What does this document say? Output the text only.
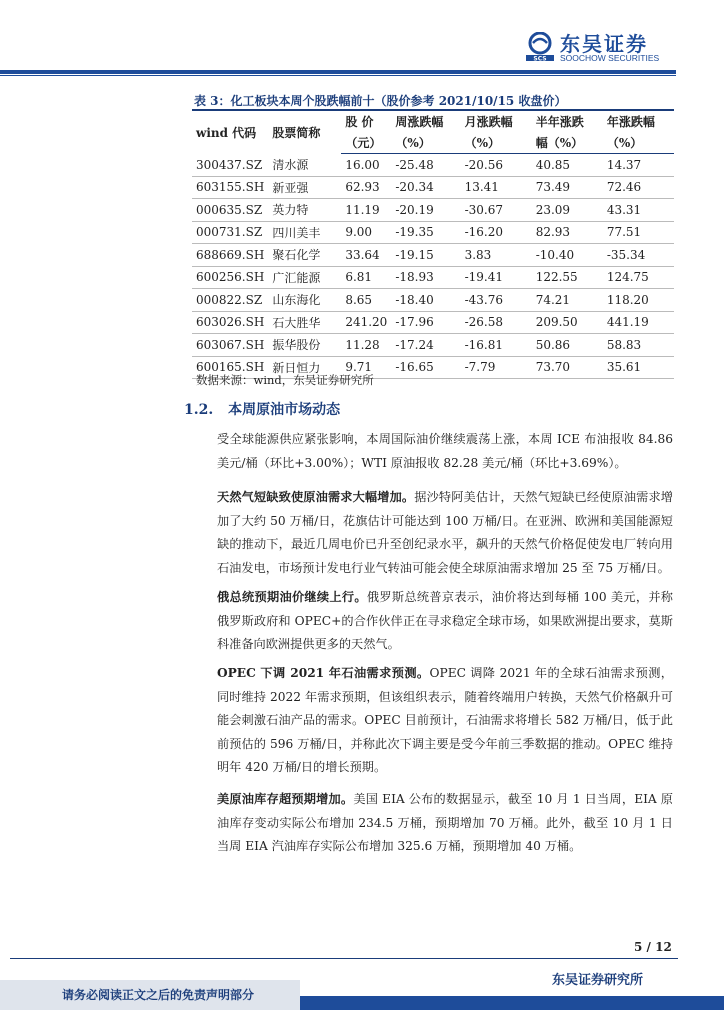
SCS
东吴证券
SOOCHOW SECURITIES
表 3：化工板块本周个股跌幅前十（股价参考 2021/10/15 收盘价）
wind 代码	股票简称	股 价	周涨跌幅	月涨跌幅	半年涨跌	年涨跌幅
		（元）	（%）	（%）	幅（%）	（%）
300437.SZ	清水源	16.00	-25.48	-20.56	40.85	14.37
603155.SH	新亚强	62.93	-20.34	13.41	73.49	72.46
000635.SZ	英力特	11.19	-20.19	-30.67	23.09	43.31
000731.SZ	四川美丰	9.00	-19.35	-16.20	82.93	77.51
688669.SH	聚石化学	33.64	-19.15	3.83	-10.40	-35.34
600256.SH	广汇能源	6.81	-18.93	-19.41	122.55	124.75
000822.SZ	山东海化	8.65	-18.40	-43.76	74.21	118.20
603026.SH	石大胜华	241.20	-17.96	-26.58	209.50	441.19
603067.SH	振华股份	11.28	-17.24	-16.81	50.86	58.83
600165.SH	新日恒力	9.71	-16.65	-7.79	73.70	35.61
数据来源：wind，东吴证券研究所
1.2. 本周原油市场动态
受全球能源供应紧张影响，本周国际油价继续震荡上涨，本周 ICE 布油报收 84.86 美元/桶（环比+3.00%）；WTI 原油报收 82.28 美元/桶（环比+3.69%）。
天然气短缺致使原油需求大幅增加。据沙特阿美估计，天然气短缺已经使原油需求增加了大约 50 万桶/日，花旗估计可能达到 100 万桶/日。在亚洲、欧洲和美国能源短缺的推动下，最近几周电价已升至创纪录水平，飙升的天然气价格促使发电厂转向用石油发电，市场预计发电行业气转油可能会使全球原油需求增加 25 至 75 万桶/日。
俄总统预期油价继续上行。俄罗斯总统普京表示，油价将达到每桶 100 美元，并称俄罗斯政府和 OPEC+的合作伙伴正在寻求稳定全球市场，如果欧洲提出要求，莫斯科准备向欧洲提供更多的天然气。
OPEC 下调 2021 年石油需求预测。OPEC 调降 2021 年的全球石油需求预测，同时维持 2022 年需求预期，但该组织表示，随着终端用户转换，天然气价格飙升可能会刺激石油产品的需求。OPEC 目前预计，石油需求将增长 582 万桶/日，低于此前预估的 596 万桶/日，并称此次下调主要是受今年前三季数据的推动。OPEC 维持明年 420 万桶/日的增长预期。
美原油库存超预期增加。美国 EIA 公布的数据显示，截至 10 月 1 日当周，EIA 原油库存变动实际公布增加 234.5 万桶，预期增加 70 万桶。此外，截至 10 月 1 日当周 EIA 汽油库存实际公布增加 325.6 万桶，预期增加 40 万桶。
5 / 12
东吴证券研究所
请务必阅读正文之后的免责声明部分
